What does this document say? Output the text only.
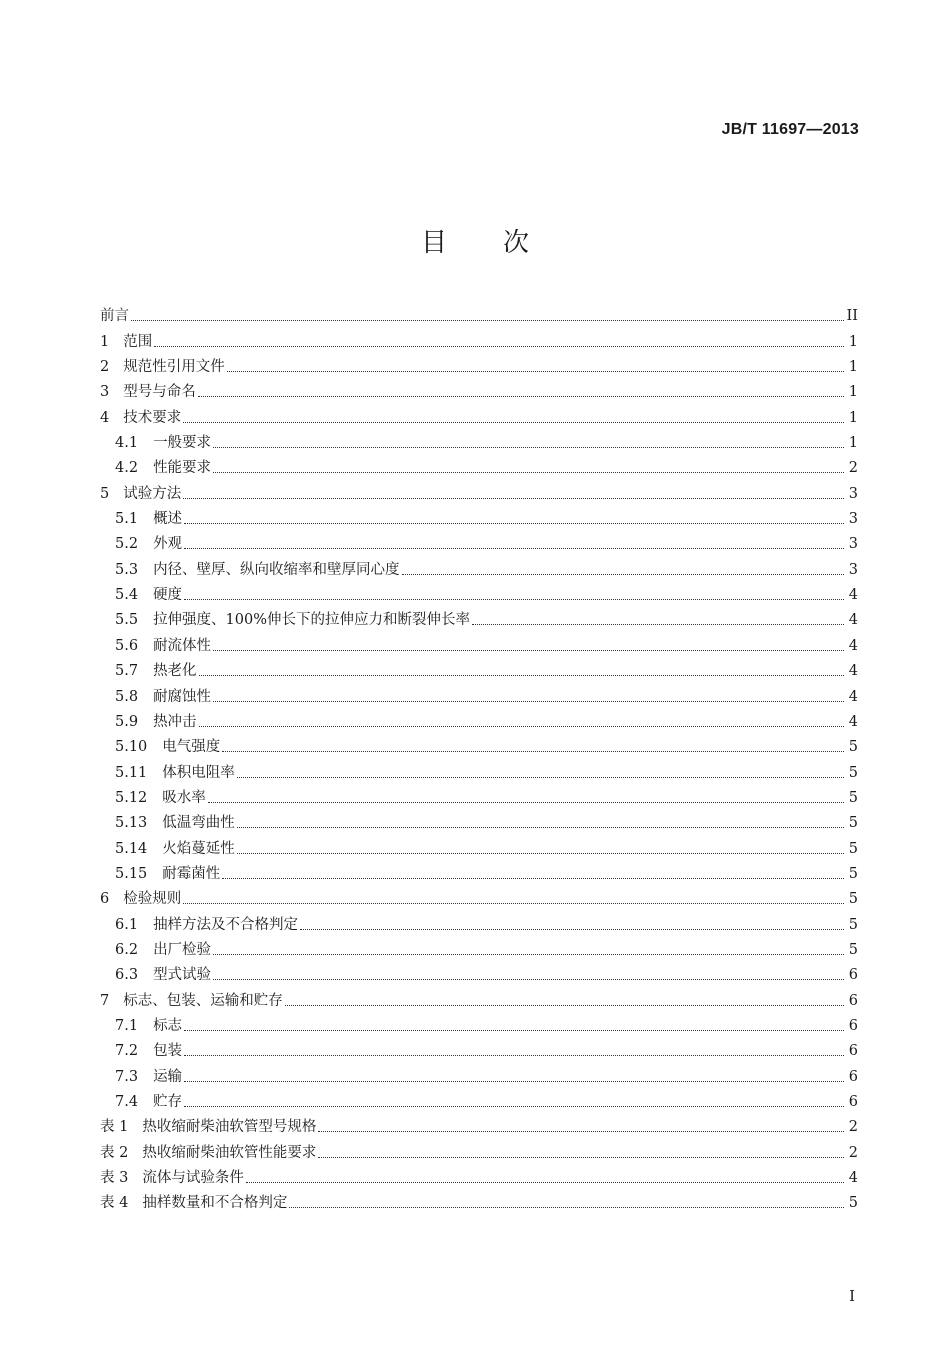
JB/T 11697—2013
目次
前言	II
1 范围	1
2 规范性引用文件	1
3 型号与命名	1
4 技术要求	1
4.1 一般要求	1
4.2 性能要求	2
5 试验方法	3
5.1 概述	3
5.2 外观	3
5.3 内径、壁厚、纵向收缩率和壁厚同心度	3
5.4 硬度	4
5.5 拉伸强度、100%伸长下的拉伸应力和断裂伸长率	4
5.6 耐流体性	4
5.7 热老化	4
5.8 耐腐蚀性	4
5.9 热冲击	4
5.10 电气强度	5
5.11 体积电阻率	5
5.12 吸水率	5
5.13 低温弯曲性	5
5.14 火焰蔓延性	5
5.15 耐霉菌性	5
6 检验规则	5
6.1 抽样方法及不合格判定	5
6.2 出厂检验	5
6.3 型式试验	6
7 标志、包装、运输和贮存	6
7.1 标志	6
7.2 包装	6
7.3 运输	6
7.4 贮存	6
表 1 热收缩耐柴油软管型号规格	2
表 2 热收缩耐柴油软管性能要求	2
表 3 流体与试验条件	4
表 4 抽样数量和不合格判定	5
I
